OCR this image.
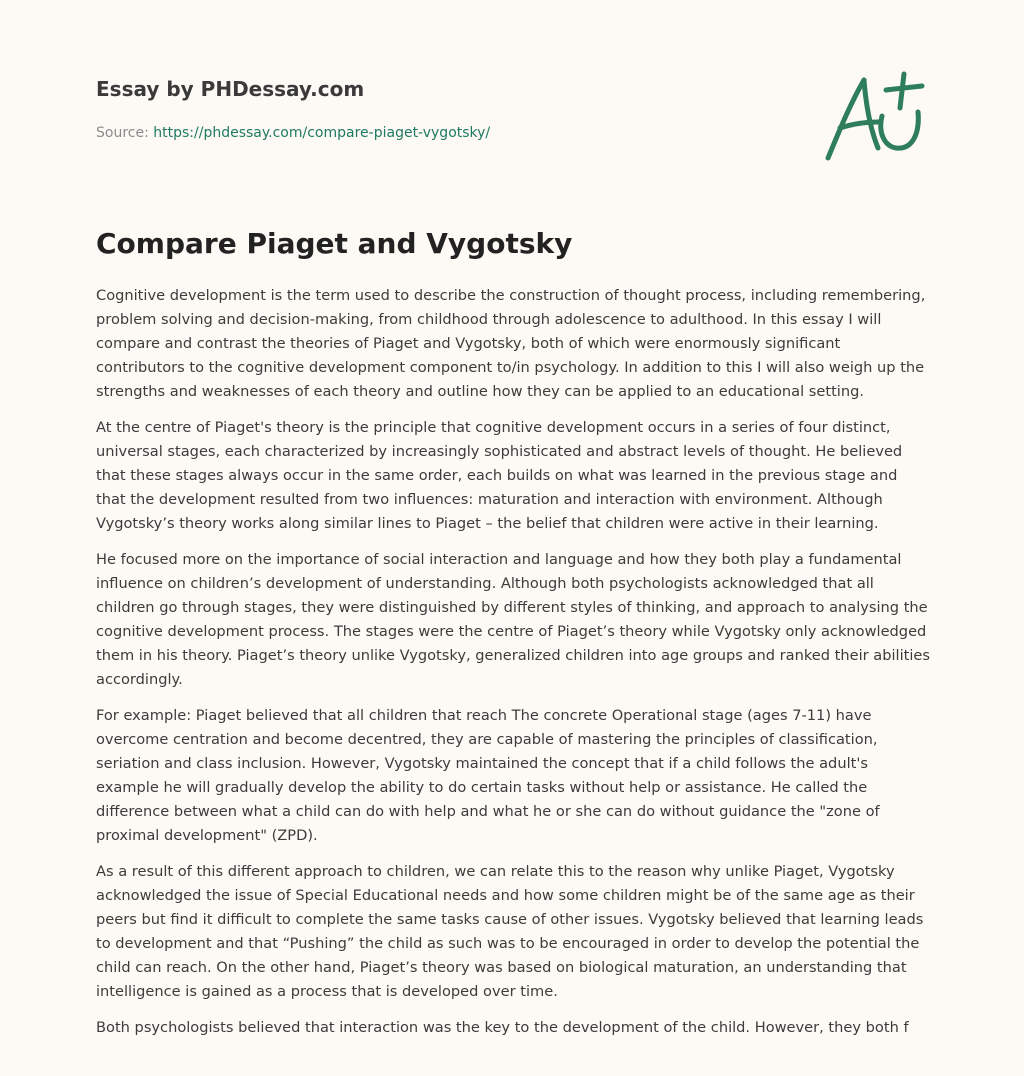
Essay by PHDessay.com
Source: https://phdessay.com/compare-piaget-vygotsky/
Compare Piaget and Vygotsky

Cognitive development is the term used to describe the construction of thought process, including remembering, problem solving and decision-making, from childhood through adolescence to adulthood. In this essay I will compare and contrast the theories of Piaget and Vygotsky, both of which were enormously significant contributors to the cognitive development component to/in psychology. In addition to this I will also weigh up the strengths and weaknesses of each theory and outline how they can be applied to an educational setting.

At the centre of Piaget's theory is the principle that cognitive development occurs in a series of four distinct, universal stages, each characterized by increasingly sophisticated and abstract levels of thought. He believed that these stages always occur in the same order, each builds on what was learned in the previous stage and that the development resulted from two influences: maturation and interaction with environment. Although Vygotsky’s theory works along similar lines to Piaget – the belief that children were active in their learning.

He focused more on the importance of social interaction and language and how they both play a fundamental influence on children’s development of understanding. Although both psychologists acknowledged that all children go through stages, they were distinguished by different styles of thinking, and approach to analysing the cognitive development process. The stages were the centre of Piaget’s theory while Vygotsky only acknowledged them in his theory. Piaget’s theory unlike Vygotsky, generalized children into age groups and ranked their abilities accordingly.

For example: Piaget believed that all children that reach The concrete Operational stage (ages 7-11) have overcome centration and become decentred, they are capable of mastering the principles of classification, seriation and class inclusion. However, Vygotsky maintained the concept that if a child follows the adult's example he will gradually develop the ability to do certain tasks without help or assistance. He called the difference between what a child can do with help and what he or she can do without guidance the "zone of proximal development" (ZPD).

As a result of this different approach to children, we can relate this to the reason why unlike Piaget, Vygotsky acknowledged the issue of Special Educational needs and how some children might be of the same age as their peers but find it difficult to complete the same tasks cause of other issues. Vygotsky believed that learning leads to development and that “Pushing” the child as such was to be encouraged in order to develop the potential the child can reach. On the other hand, Piaget’s theory was based on biological maturation, an understanding that intelligence is gained as a process that is developed over time.

Both psychologists believed that interaction was the key to the development of the child. However, they both f
